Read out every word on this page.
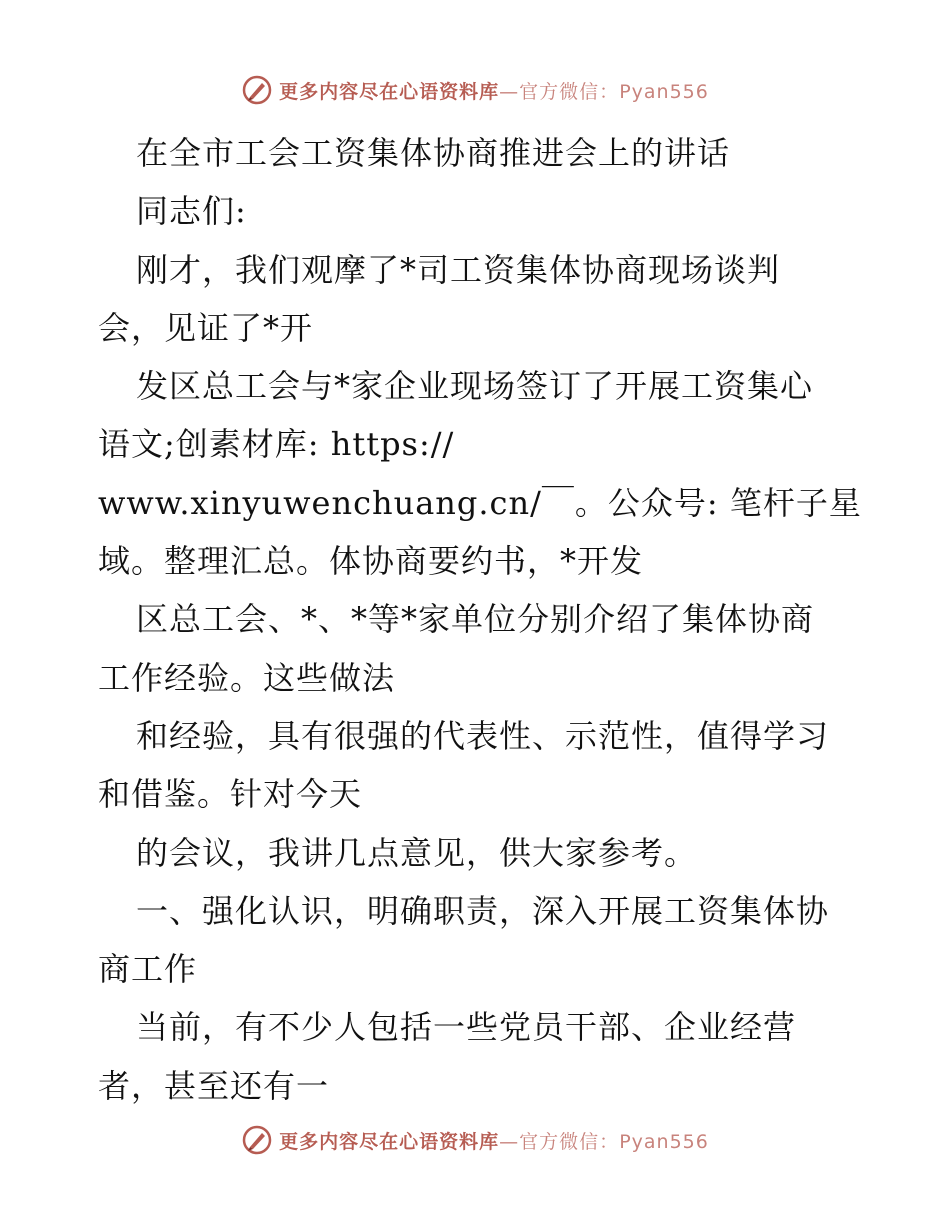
更多内容尽在心语资料库—官方微信：Pyan556
在全市工会工资集体协商推进会上的讲话
同志们:
刚才，我们观摩了*司工资集体协商现场谈判
会，见证了*开
发区总工会与*家企业现场签订了开展工资集心
语文;创素材库: https://
www.xinyuwenchuang.cn/￣。公众号: 笔杆子星
域。整理汇总。体协商要约书，*开发
区总工会、*、*等*家单位分别介绍了集体协商
工作经验。这些做法
和经验，具有很强的代表性、示范性，值得学习
和借鉴。针对今天
的会议，我讲几点意见，供大家参考。
一、强化认识，明确职责，深入开展工资集体协
商工作
当前，有不少人包括一些党员干部、企业经营
者，甚至还有一
更多内容尽在心语资料库—官方微信：Pyan556
